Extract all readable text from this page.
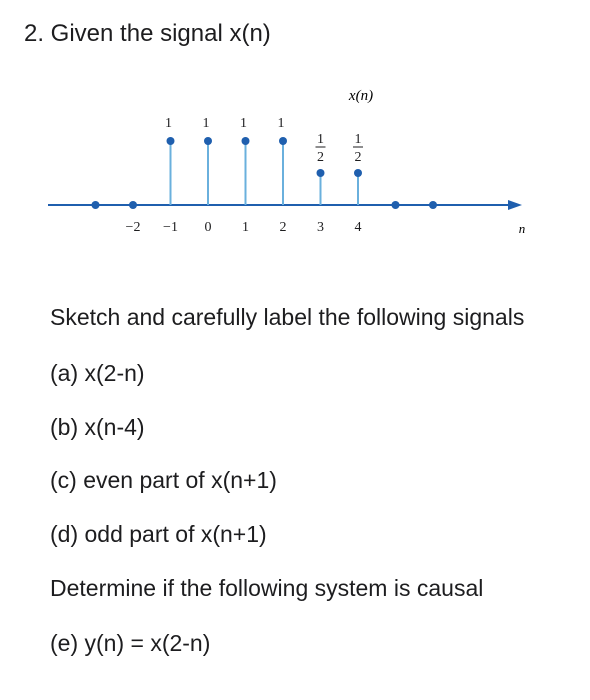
2. Given the signal x(n)
x(n)
n
−2 −1 0 1 2 3 4
1 1 1 1
1
2
1
2
Sketch and carefully label the following signals
(a) x(2-n)
(b) x(n-4)
(c) even part of x(n+1)
(d) odd part of x(n+1)
Determine if the following system is causal
(e) y(n) = x(2-n)
